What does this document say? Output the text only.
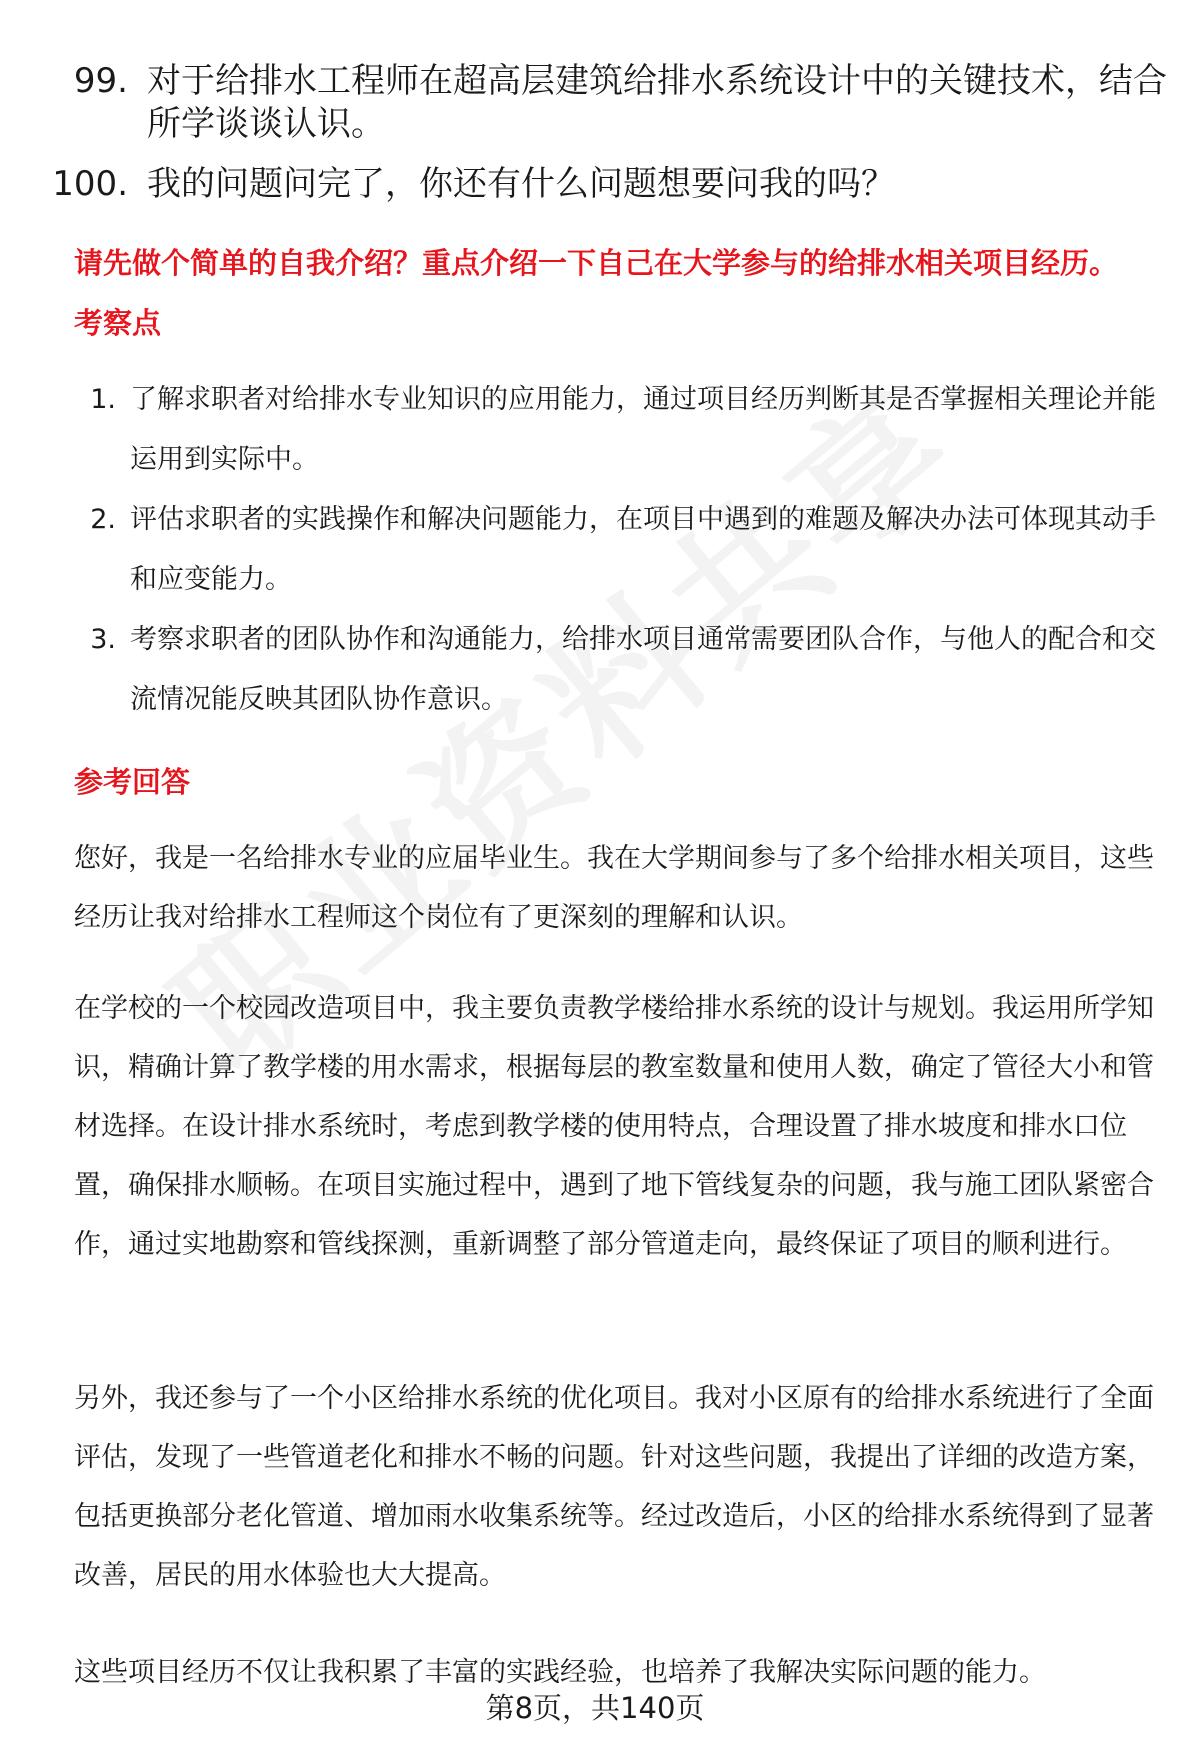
99. 对于给排水工程师在超高层建筑给排水系统设计中的关键技术，结合所学谈谈认识。
100. 我的问题问完了，你还有什么问题想要问我的吗？
请先做个简单的自我介绍？重点介绍一下自己在大学参与的给排水相关项目经历。
考察点
1. 了解求职者对给排水专业知识的应用能力，通过项目经历判断其是否掌握相关理论并能运用到实际中。
2. 评估求职者的实践操作和解决问题能力，在项目中遇到的难题及解决办法可体现其动手和应变能力。
3. 考察求职者的团队协作和沟通能力，给排水项目通常需要团队合作，与他人的配合和交流情况能反映其团队协作意识。
参考回答
您好，我是一名给排水专业的应届毕业生。我在大学期间参与了多个给排水相关项目，这些经历让我对给排水工程师这个岗位有了更深刻的理解和认识。
在学校的一个校园改造项目中，我主要负责教学楼给排水系统的设计与规划。我运用所学知识，精确计算了教学楼的用水需求，根据每层的教室数量和使用人数，确定了管径大小和管材选择。在设计排水系统时，考虑到教学楼的使用特点，合理设置了排水坡度和排水口位置，确保排水顺畅。在项目实施过程中，遇到了地下管线复杂的问题，我与施工团队紧密合作，通过实地勘察和管线探测，重新调整了部分管道走向，最终保证了项目的顺利进行。
另外，我还参与了一个小区给排水系统的优化项目。我对小区原有的给排水系统进行了全面评估，发现了一些管道老化和排水不畅的问题。针对这些问题，我提出了详细的改造方案，包括更换部分老化管道、增加雨水收集系统等。经过改造后，小区的给排水系统得到了显著改善，居民的用水体验也大大提高。
这些项目经历不仅让我积累了丰富的实践经验，也培养了我解决实际问题的能力。
第8页，共140页
